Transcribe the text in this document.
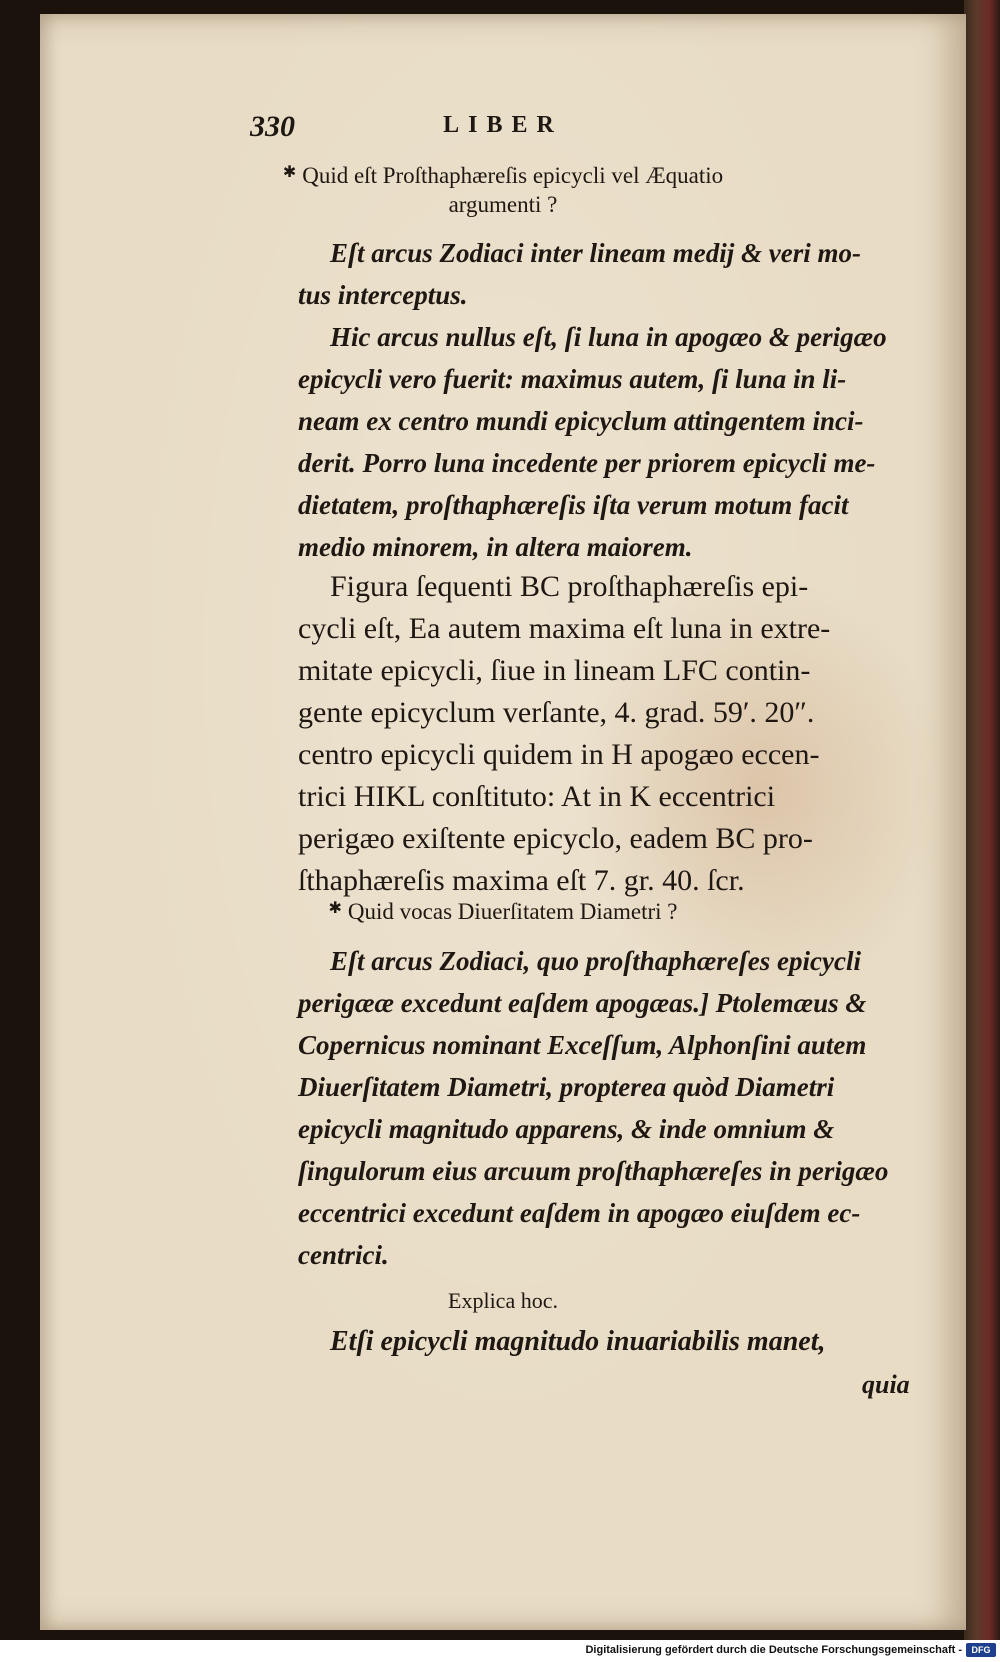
330	LIBER
✱ Quid eſt Proſthaphæreſis epicycli vel Æquatio
argumenti ?

Eſt arcus Zodiaci inter lineam medij & veri mo-

tus interceptus.

Hic arcus nullus eſt, ſi luna in apogæo & perigæo

epicycli vero fuerit: maximus autem, ſi luna in li-
neam ex centro mundi epicyclum attingentem inci-
derit. Porro luna incedente per priorem epicycli me-
dietatem, proſthaphæreſis iſta verum motum facit
medio minorem, in altera maiorem.

Figura ſequenti BC proſthaphæreſis epi-

cycli eſt, Ea autem maxima eſt luna in extre-
mitate epicycli, ſiue in lineam LFC contin-
gente epicyclum verſante, 4. grad. 59′. 20″.
centro epicycli quidem in H apogæo eccen-
trici HIKL conſtituto: At in K eccentrici
perigæo exiſtente epicyclo, eadem BC pro-
ſthaphæreſis maxima eſt 7. gr. 40. ſcr.
✱ Quid vocas Diuerſitatem Diametri ?

Eſt arcus Zodiaci, quo proſthaphæreſes epicycli

perigææ excedunt eaſdem apogæas.] Ptolemæus &
Copernicus nominant Exceſſum, Alphonſini autem
Diuerſitatem Diametri, propterea quòd Diametri
epicycli magnitudo apparens, & inde omnium &
ſingulorum eius arcuum proſthaphæreſes in perigæo
eccentrici excedunt eaſdem in apogæo eiuſdem ec-
centrici.
Explica hoc.

Etſi epicycli magnitudo inuariabilis manet,

quia
Digitalisierung gefördert durch die Deutsche Forschungsgemeinschaft -	DFG
